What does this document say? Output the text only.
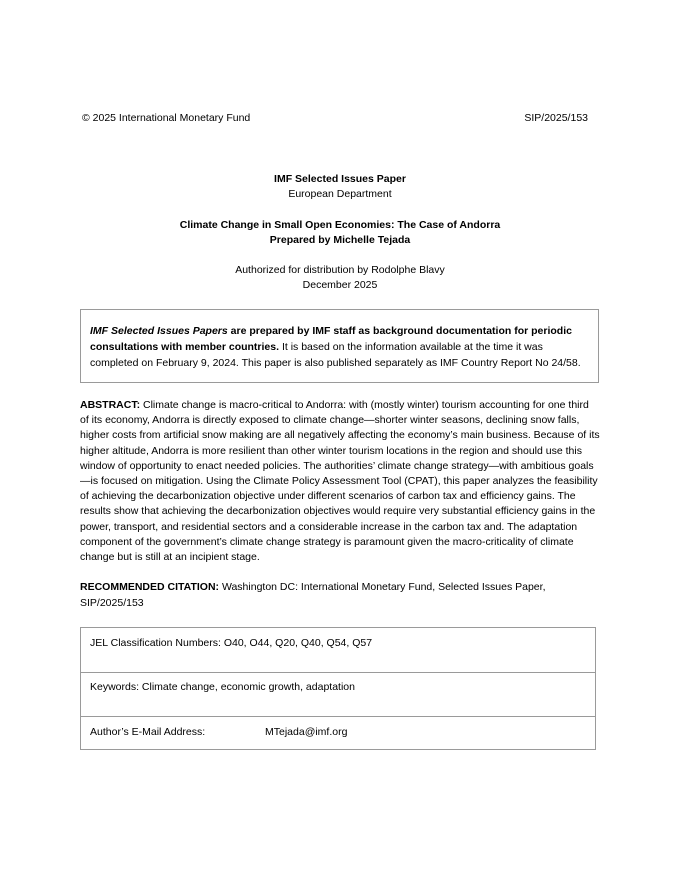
© 2025 International Monetary Fund	SIP/2025/153
IMF Selected Issues Paper
European Department
Climate Change in Small Open Economies: The Case of Andorra
Prepared by Michelle Tejada
Authorized for distribution by Rodolphe Blavy
December 2025
IMF Selected Issues Papers are prepared by IMF staff as background documentation for periodic consultations with member countries. It is based on the information available at the time it was completed on February 9, 2024. This paper is also published separately as IMF Country Report No 24/58.
ABSTRACT: Climate change is macro-critical to Andorra: with (mostly winter) tourism accounting for one third of its economy, Andorra is directly exposed to climate change—shorter winter seasons, declining snow falls, higher costs from artificial snow making are all negatively affecting the economy’s main business. Because of its higher altitude, Andorra is more resilient than other winter tourism locations in the region and should use this window of opportunity to enact needed policies. The authorities’ climate change strategy—with ambitious goals—is focused on mitigation. Using the Climate Policy Assessment Tool (CPAT), this paper analyzes the feasibility of achieving the decarbonization objective under different scenarios of carbon tax and efficiency gains. The results show that achieving the decarbonization objectives would require very substantial efficiency gains in the power, transport, and residential sectors and a considerable increase in the carbon tax and. The adaptation component of the government’s climate change strategy is paramount given the macro-criticality of climate change but is still at an incipient stage.
RECOMMENDED CITATION: Washington DC: International Monetary Fund, Selected Issues Paper, SIP/2025/153
JEL Classification Numbers: O40, O44, Q20, Q40, Q54, Q57
Keywords: Climate change, economic growth, adaptation
Author’s E-Mail Address:	MTejada@imf.org
